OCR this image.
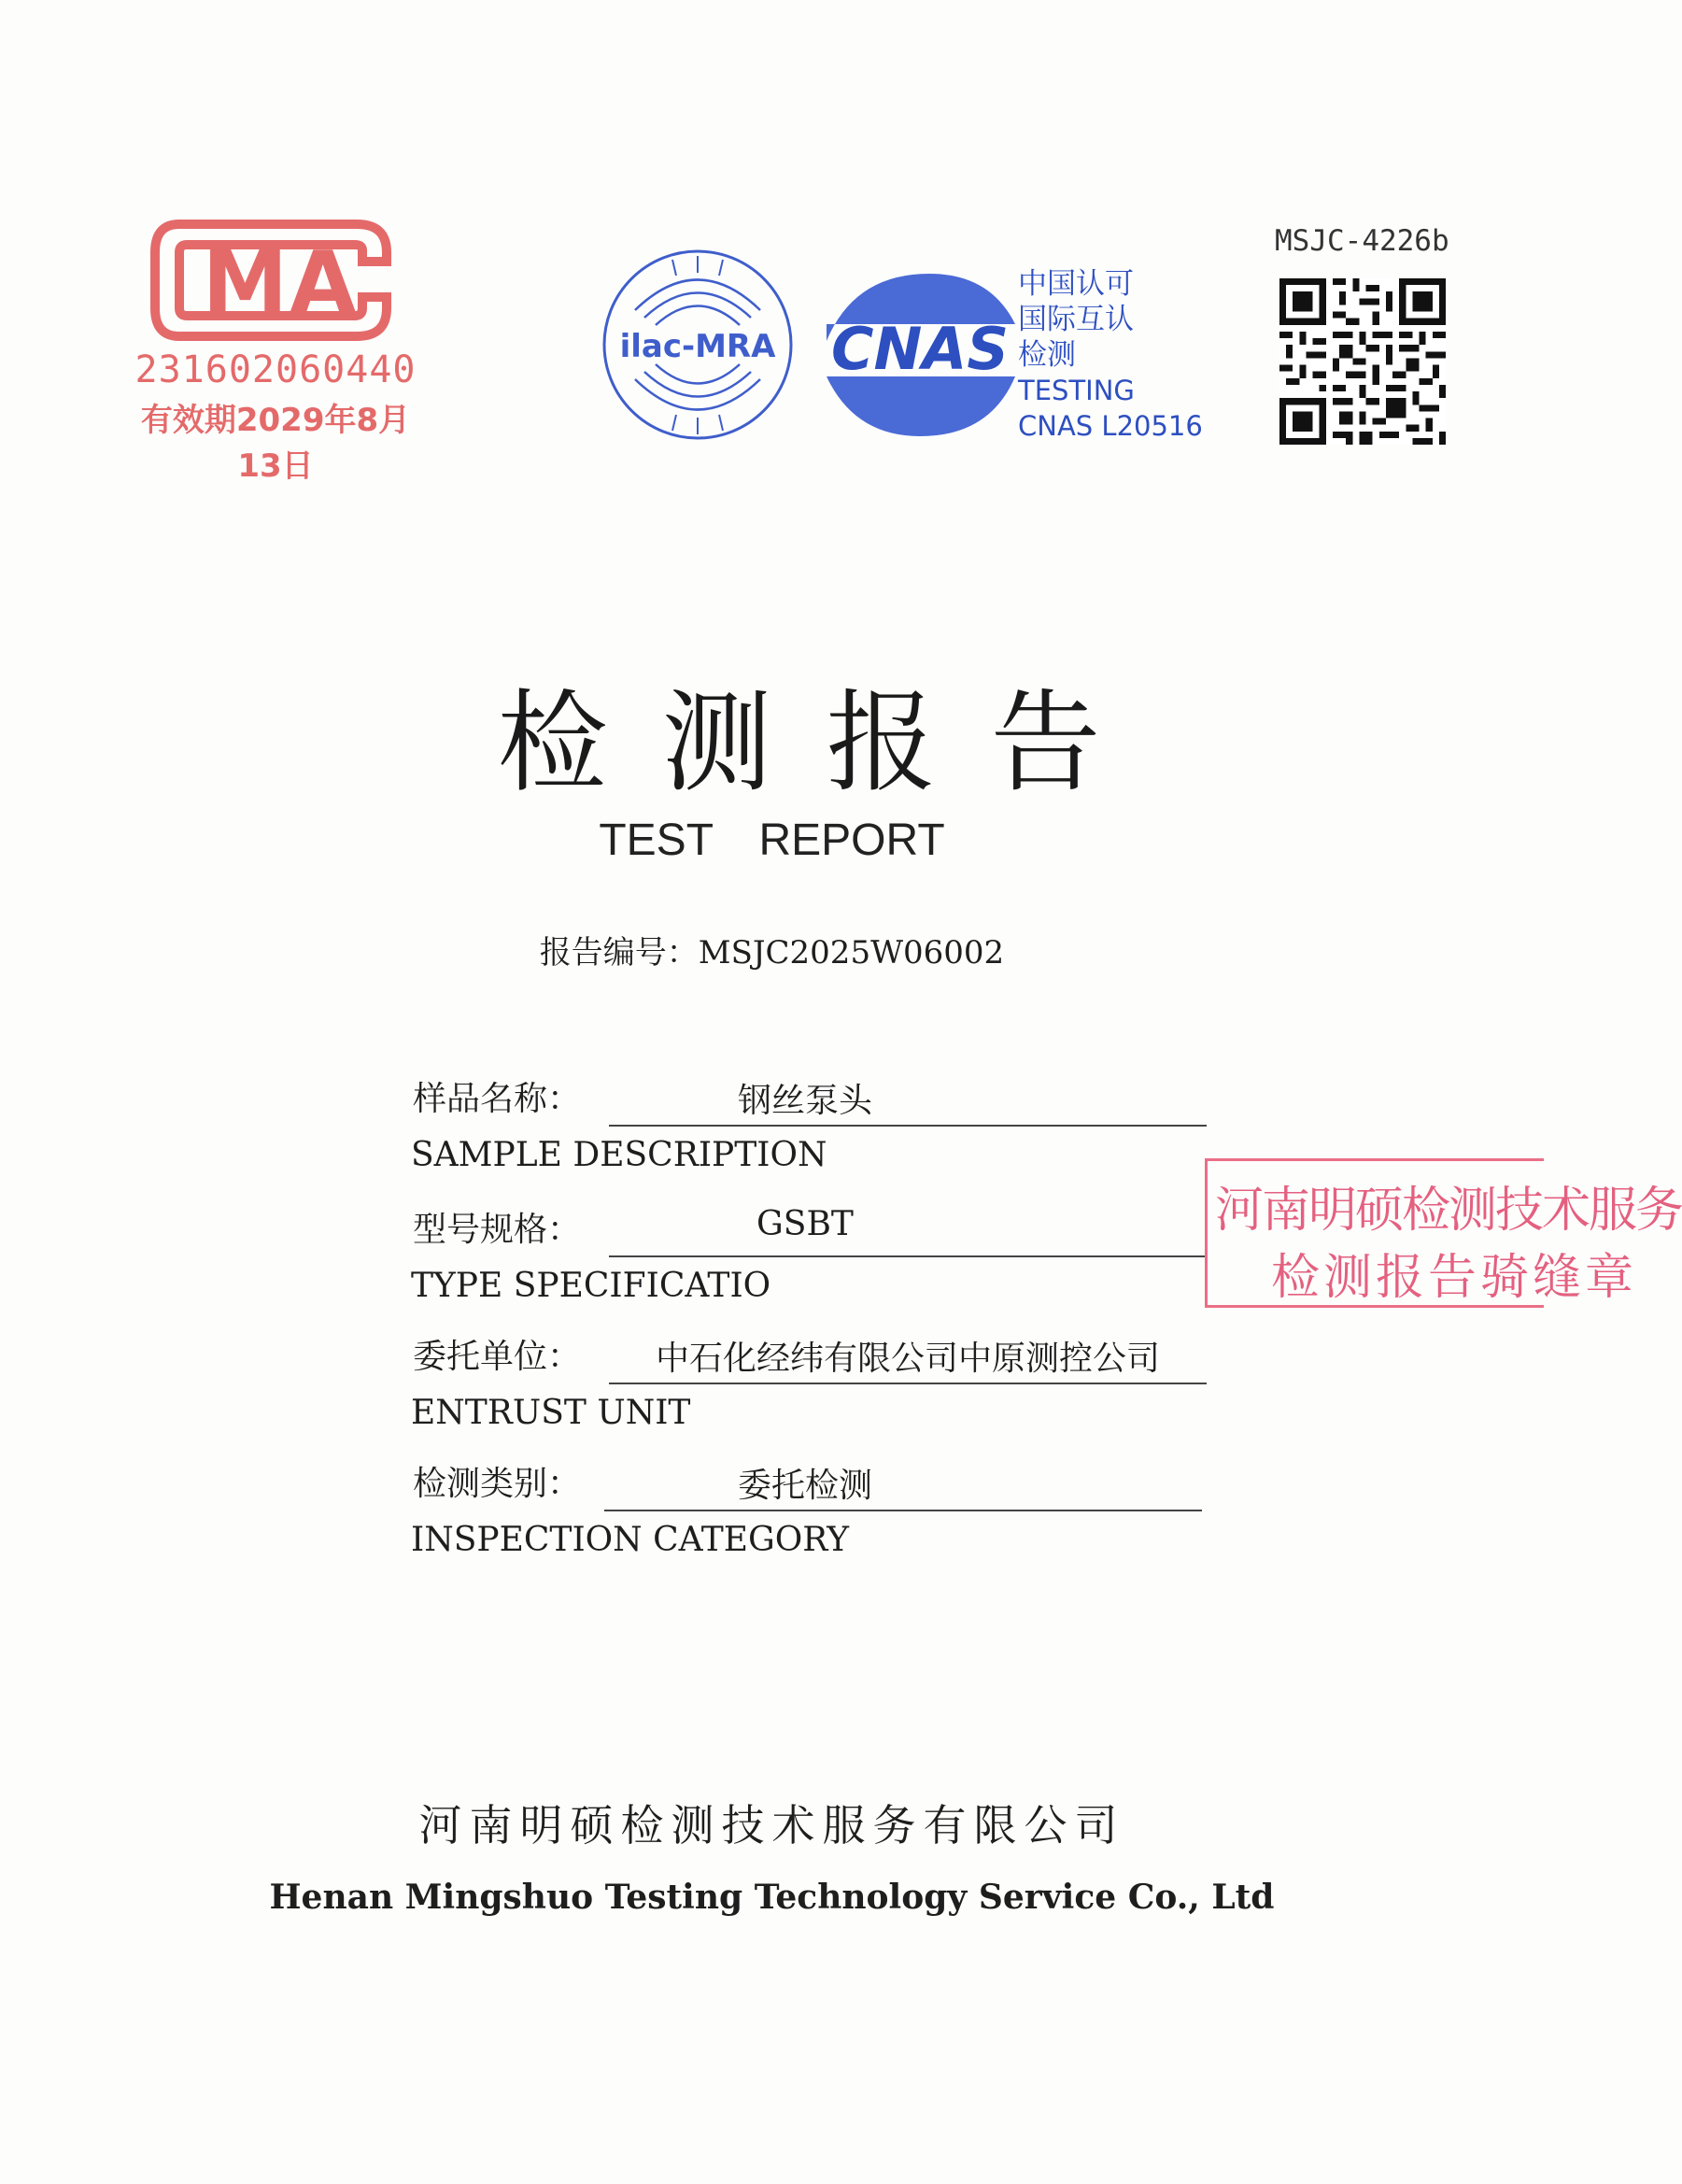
MA
231602060440
有效期2029年8月13日
ilac-MRA CNAS
中国认可
国际互认
检测
TESTING
CNAS L20516
MSJC-4226b
检测报告
TEST REPORT
报告编号：MSJC2025W06002
样品名称：	钢丝泵头
SAMPLE DESCRIPTION
型号规格：	GSBT
TYPE SPECIFICATIO
委托单位：	中石化经纬有限公司中原测控公司
ENTRUST UNIT
检测类别：	委托检测
INSPECTION CATEGORY
河南明硕检测技术服务
检测报告骑缝章
河南明硕检测技术服务有限公司
Henan Mingshuo Testing Technology Service Co., Ltd
